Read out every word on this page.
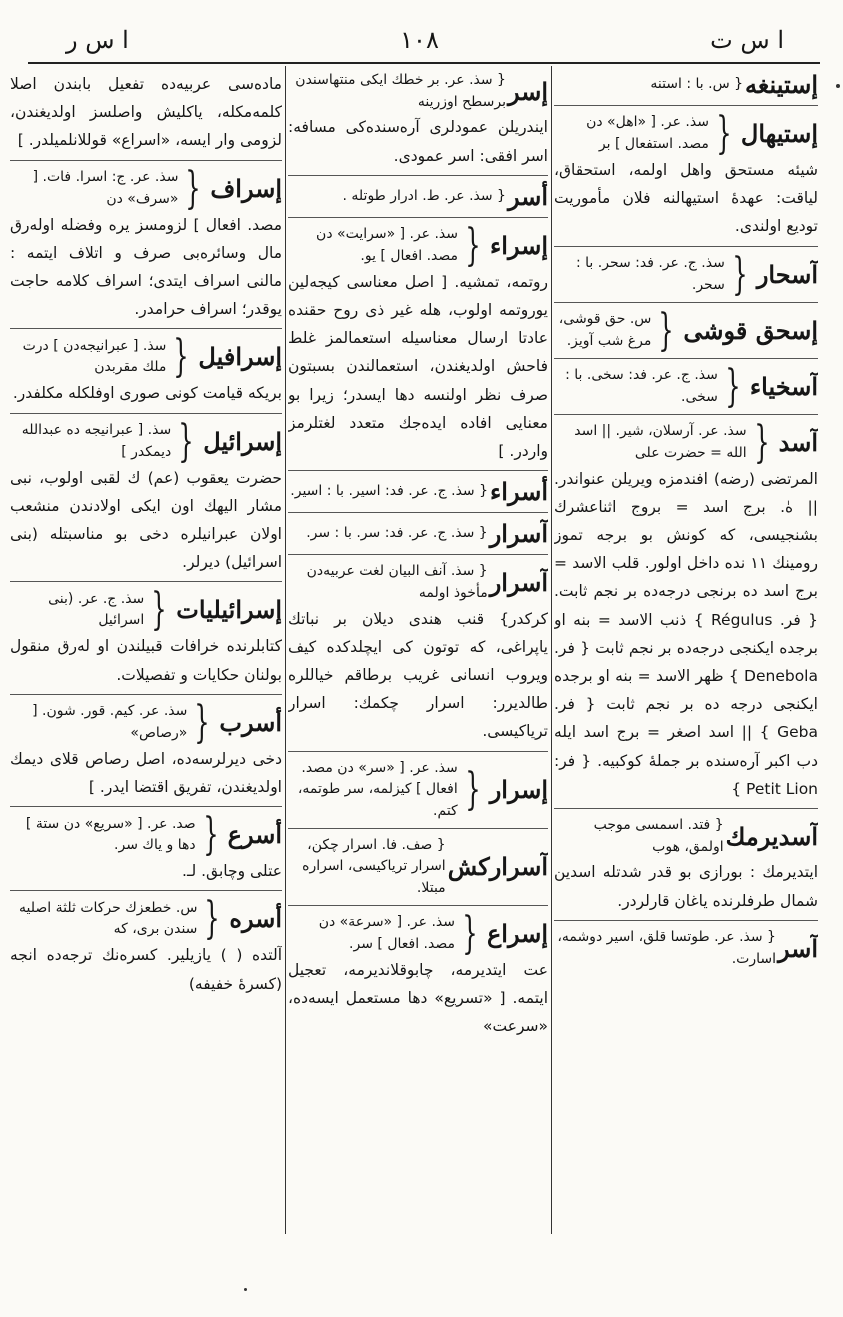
ا س ر	١٠٨	ا س ت
إستينغه
{ س. با : استنه
إستيهال
{
سذ. عر. [ «اهل» دن مصد. استفعال ] بر
شيئه مستحق واهل اولمه، استحقاق، لياقت: عهدهٔ استيهالنه فلان مأموريت توديع اولندی.
آسحار
{
سذ. ج. عر. فد: سحر. با : سحر.
إسحق قوشى
{
س. حق قوشى، مرغ شب آويز.
آسخياء
{
سذ. ج. عر. فد: سخى. با : سخى.
آسد
{
سذ. عر. آرسلان، شير. || اسد الله = حضرت على
المرتضى (رضه) افندمزه ويريلن عنواندر. || هٰ. برج اسد = بروج اثناعشرك بشنجيسى، كه كونش بو برجه تموز رومينك ١١ نده داخل اولور. قلب الاسد = برج اسد ده برنجى درجه‌ده بر نجم ثابت. { فر. Régulus } ذنب الاسد = بنه او برجده ايكنجى درجه‌ده بر نجم ثابت { فر. Denebola } ظهر الاسد = بنه او برجده ايكنجى درجه ده بر نجم ثابت { فر. Geba } || اسد اصغر = برج اسد ايله دب اكبر آره‌سنده بر جملهٔ كوكبيه. { فر: Petit Lion }
آسديرمك
{ فتد. اسمسى موجب اولمق، هوب
ايتديرمك : بورازى بو قدر شدتله اسدين شمال طرفلرنده ياغان قارلردر.
آسر
{ سذ. عر. طوتسا قلق، اسير دوشمه، اسارت.
إسر
{ سذ. عر. بر خطك ايكى منتهاسندن برسطح اوزرينه
ايندريلن عمودلرى آره‌سنده‌كى مسافه: اسر افقى: اسر عمودى.
أسر
{ سذ. عر. ط. ادرار طوتله .
إسراء
{
سذ. عر. [ «سرايت» دن مصد. افعال ] يو.
روتمه، تمشيه. [ اصل معناسى كيجه‌لين يوروتمه اولوب، هله غير ذى روح حقنده عادتا ارسال معناسيله استعمالمز غلط فاحش اولديغندن، استعمالندن بسبتون صرف نظر اولنسه دها ايسدر؛ زيرا بو معنايى افاده ايده‌جك متعدد لغتلرمز واردر. ]
أسراء
{ سذ. ج. عر. فد: اسير. با : اسير.
آسرار
{ سذ. ج. عر. فد: سر. با : سر.
آسرار
{ سذ. آنف البيان لغت عربيه‌دن مأخوذ اولمه
كركدر} قنب هندى ديلان بر نباتك ياپراغى، كه توتون كى ايچلدكده كيف ويروب انسانى غريب برطاقم خياللره طالديرر: اسرار چكمك: اسرار ترياكيسى.
إسرار
{
سذ. عر. [ «سر» دن مصد. افعال ] كيزلمه، سر طوتمه، كتم.
آسراركش
{ صف. فا. اسرار چكن، اسرار ترياكيسى، اسراره مبتلا.
إسراع
{
سذ. عر. [ «سرعة» دن مصد. افعال ] سر.
عت ايتديرمه، چابوقلانديرمه، تعجيل ايتمه. [ «تسريع» دها مستعمل ايسه‌ده، «سرعت»
ماده‌سى عربيه‌ده تفعيل بابندن اصلا كلمه‌مكله، ياكليش واصلسز اولديغندن، لزومى وار ايسه، «اسراع» قوللانلميلدر. ]
إسراف
{
سذ. عر. ج: اسرا. فات. [ «سرف» دن
مصد. افعال ] لزومسز يره وفضله اولەرق مال وسائرەبى صرف و اتلاف ايتمه : مالنى اسراف ايتدى؛ اسراف كلامه حاجت يوقدر؛ اسراف حرامدر.
إسرافيل
{
سذ. [ عبرانيجه‌دن ] درت ملك مقربدن
بريكه قيامت كونى صورى اوفلكله مكلفدر.
إسرائيل
{
سذ. [ عبرانيجه ده عبدالله ديمكدر ]
حضرت يعقوب (عم) ك لقبى اولوب، نبى مشار اليهك اون ايكى اولادندن منشعب اولان عبرانيلره دخى بو مناسبتله (بنى اسرائيل) ديرلر.
إسرائيليات
{
سذ. ج. عر. (بنى اسرائيل
كتابلرنده خرافات قبيلندن او لەرق منقول بولنان حكايات و تفصيلات.
أسرب
{
سذ. عر. كيم. قور. شون. [ «رصاص»
دخى ديرلر‌سه‌ده، اصل رصاص قلاى ديمك اولديغندن، تفريق اقتضا ايدر. ]
أسرع
{
صد. عر. [ «سريع» دن ستة ] دها و ياك سر.
عتلى وچابق. لـ.
أسره
{
س. خطعزك حركات ثلثة اصليه سندن برى، كه
آلتده ( ) يازيلير. كسرەنك ترجه‌ده انجه (كسرهٔ خفيفه)
